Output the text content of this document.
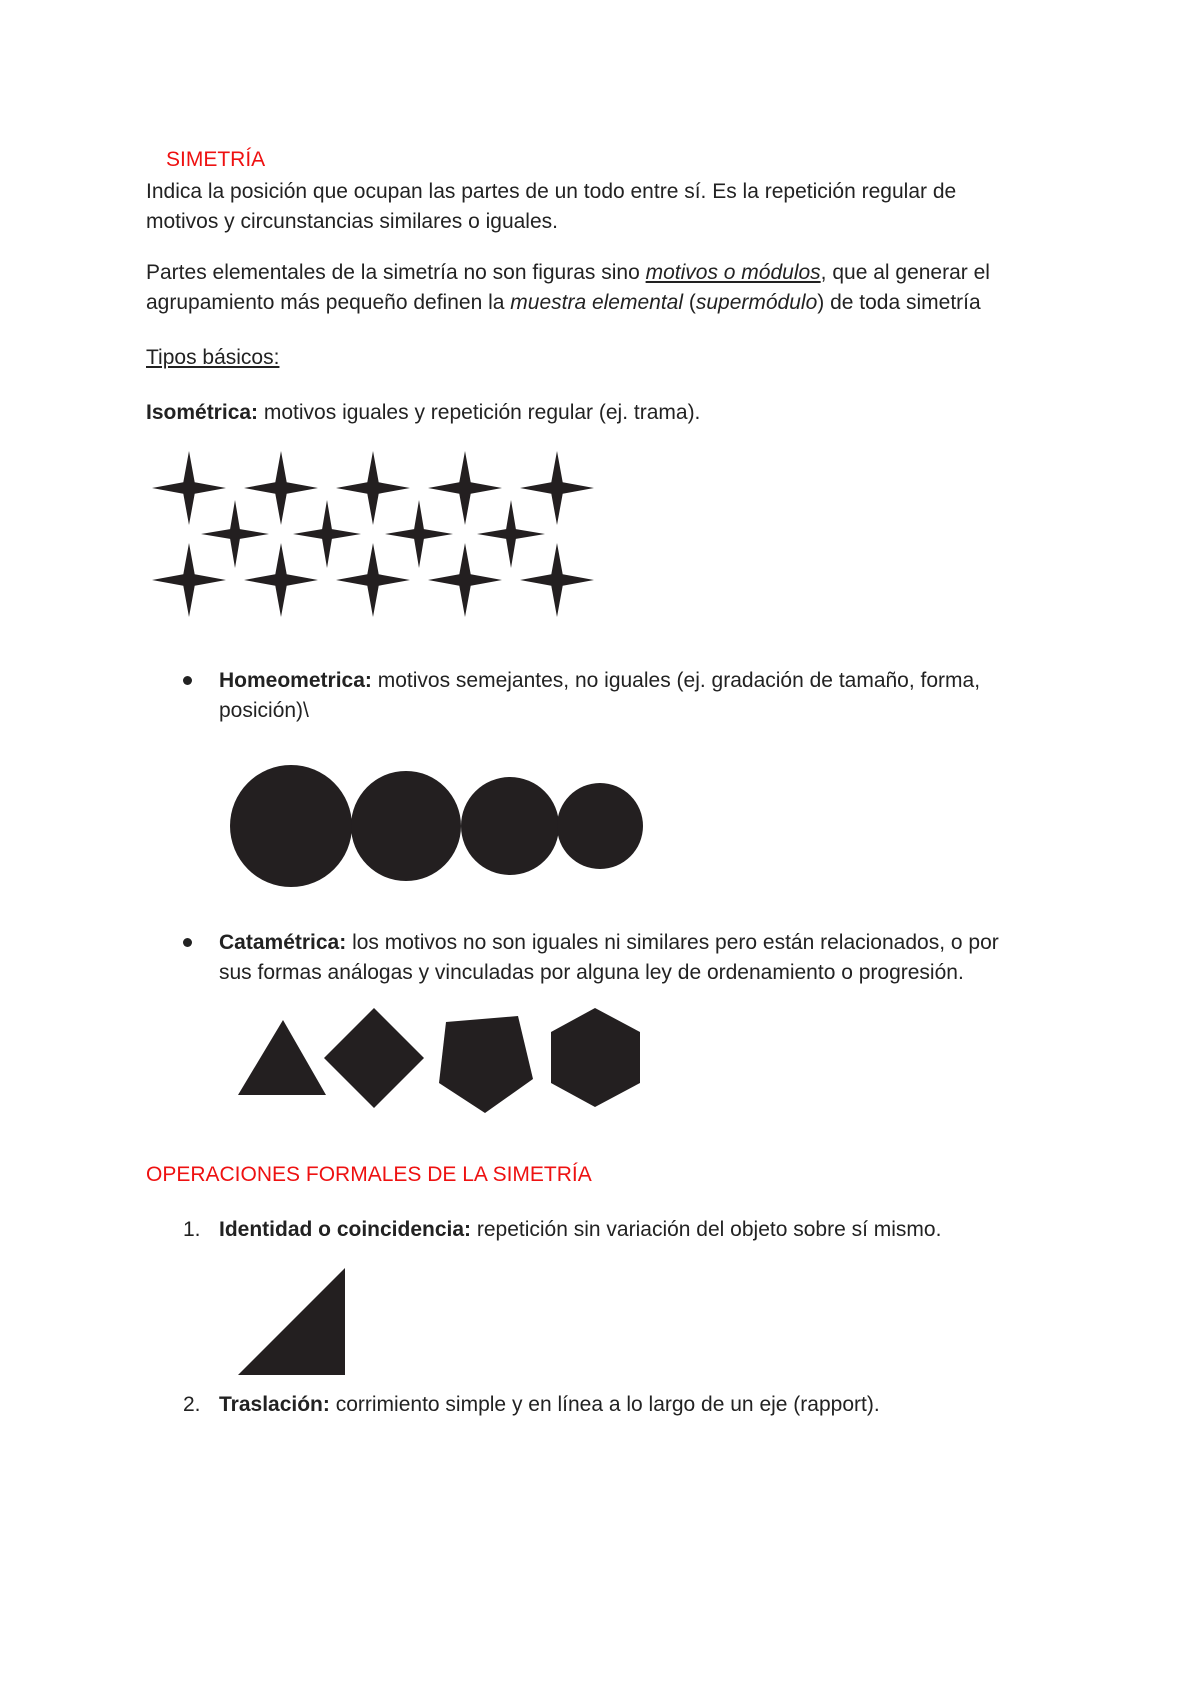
SIMETRÍA
Indica la posición que ocupan las partes de un todo entre sí. Es la repetición regular de
motivos y circunstancias similares o iguales.
Partes elementales de la simetría no son figuras sino motivos o módulos, que al generar el
agrupamiento más pequeño definen la muestra elemental (supermódulo) de toda simetría
Tipos básicos:
Isométrica: motivos iguales y repetición regular (ej. trama).
Homeometrica: motivos semejantes, no iguales (ej. gradación de tamaño, forma,
posición)\
Catamétrica: los motivos no son iguales ni similares pero están relacionados, o por
sus formas análogas y vinculadas por alguna ley de ordenamiento o progresión.
OPERACIONES FORMALES DE LA SIMETRÍA
1. Identidad o coincidencia: repetición sin variación del objeto sobre sí mismo.
2. Traslación: corrimiento simple y en línea a lo largo de un eje (rapport).
